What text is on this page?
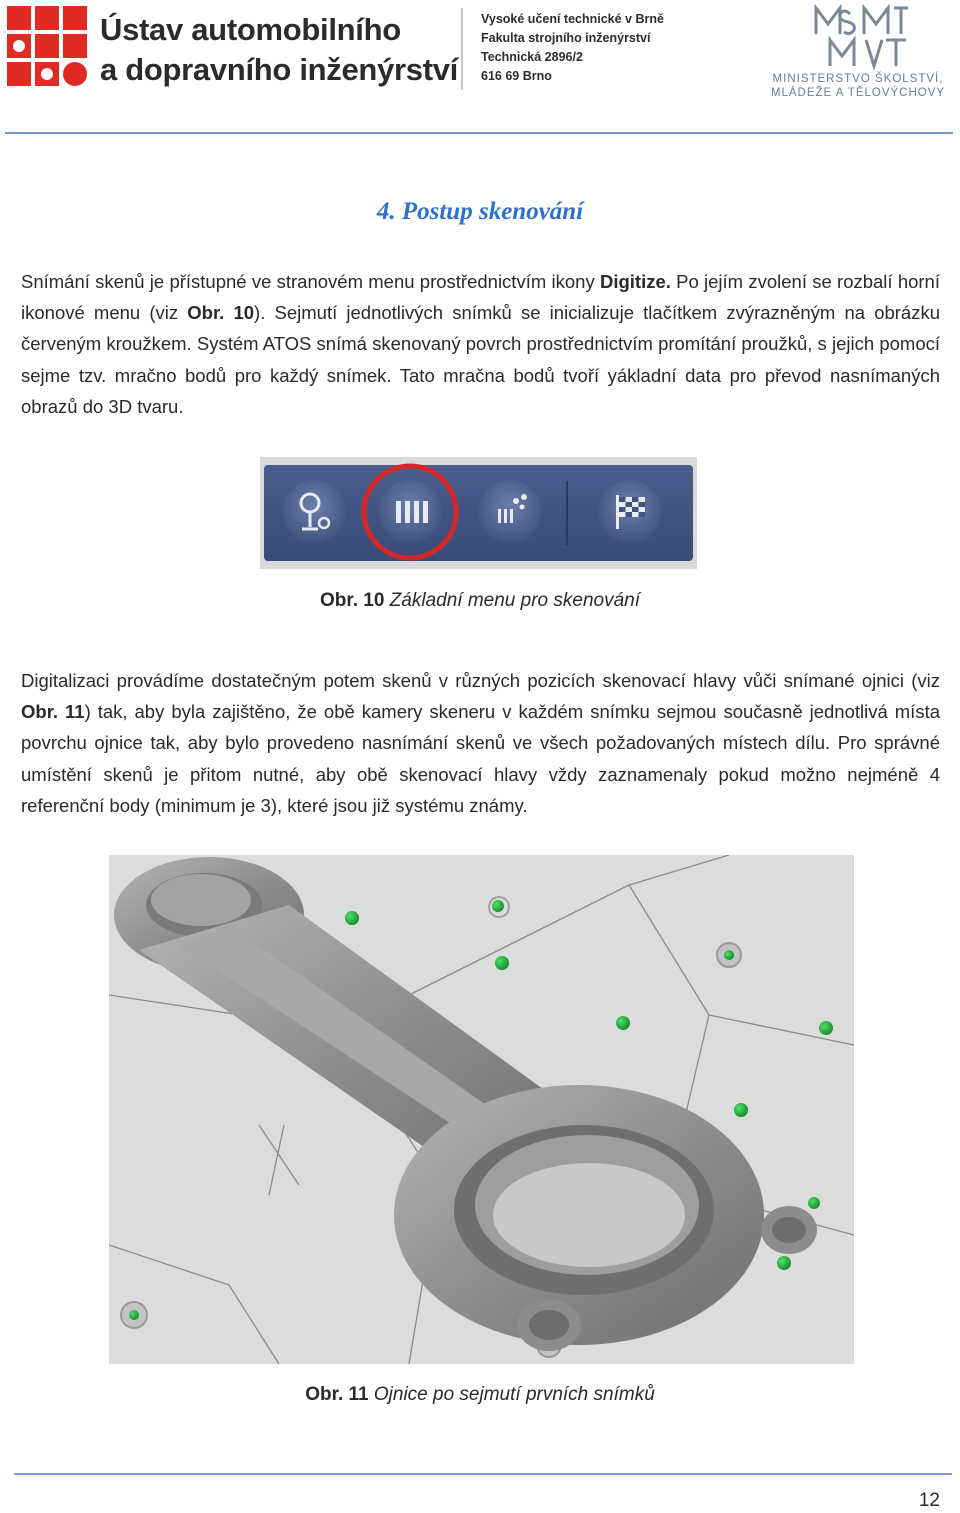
Ústav automobilního
a dopravního inženýrství
Vysoké učení technické v Brně
Fakulta strojního inženýrství
Technická 2896/2
616 69 Brno	MINISTERSTVO ŠKOLSTVÍ,
MLÁDEŽE A TĚLOVÝCHOVY
4. Postup skenování
Snímání skenů je přístupné ve stranovém menu prostřednictvím ikony Digitize. Po jejím zvolení se rozbalí horní ikonové menu (viz Obr. 10). Sejmutí jednotlivých snímků se inicializuje tlačítkem zvýrazněným na obrázku červeným kroužkem. Systém ATOS snímá skenovaný povrch prostřednictvím promítání proužků, s jejich pomocí sejme tzv. mračno bodů pro každý snímek. Tato mračna bodů tvoří yákladní data pro převod nasnímaných obrazů do 3D tvaru.
Obr. 10 Základní menu pro skenování
Digitalizaci provádíme dostatečným potem skenů v různých pozicích skenovací hlavy vůči snímané ojnici (viz Obr. 11) tak, aby byla zajištěno, že obě kamery skeneru v každém snímku sejmou současně jednotlivá místa povrchu ojnice tak, aby bylo provedeno nasnímání skenů ve všech požadovaných místech dílu. Pro správné umístění skenů je přitom nutné, aby obě skenovací hlavy vždy zaznamenaly pokud možno nejméně 4 referenční body (minimum je 3), které jsou již systému známy.
Obr. 11 Ojnice po sejmutí prvních snímků
12
